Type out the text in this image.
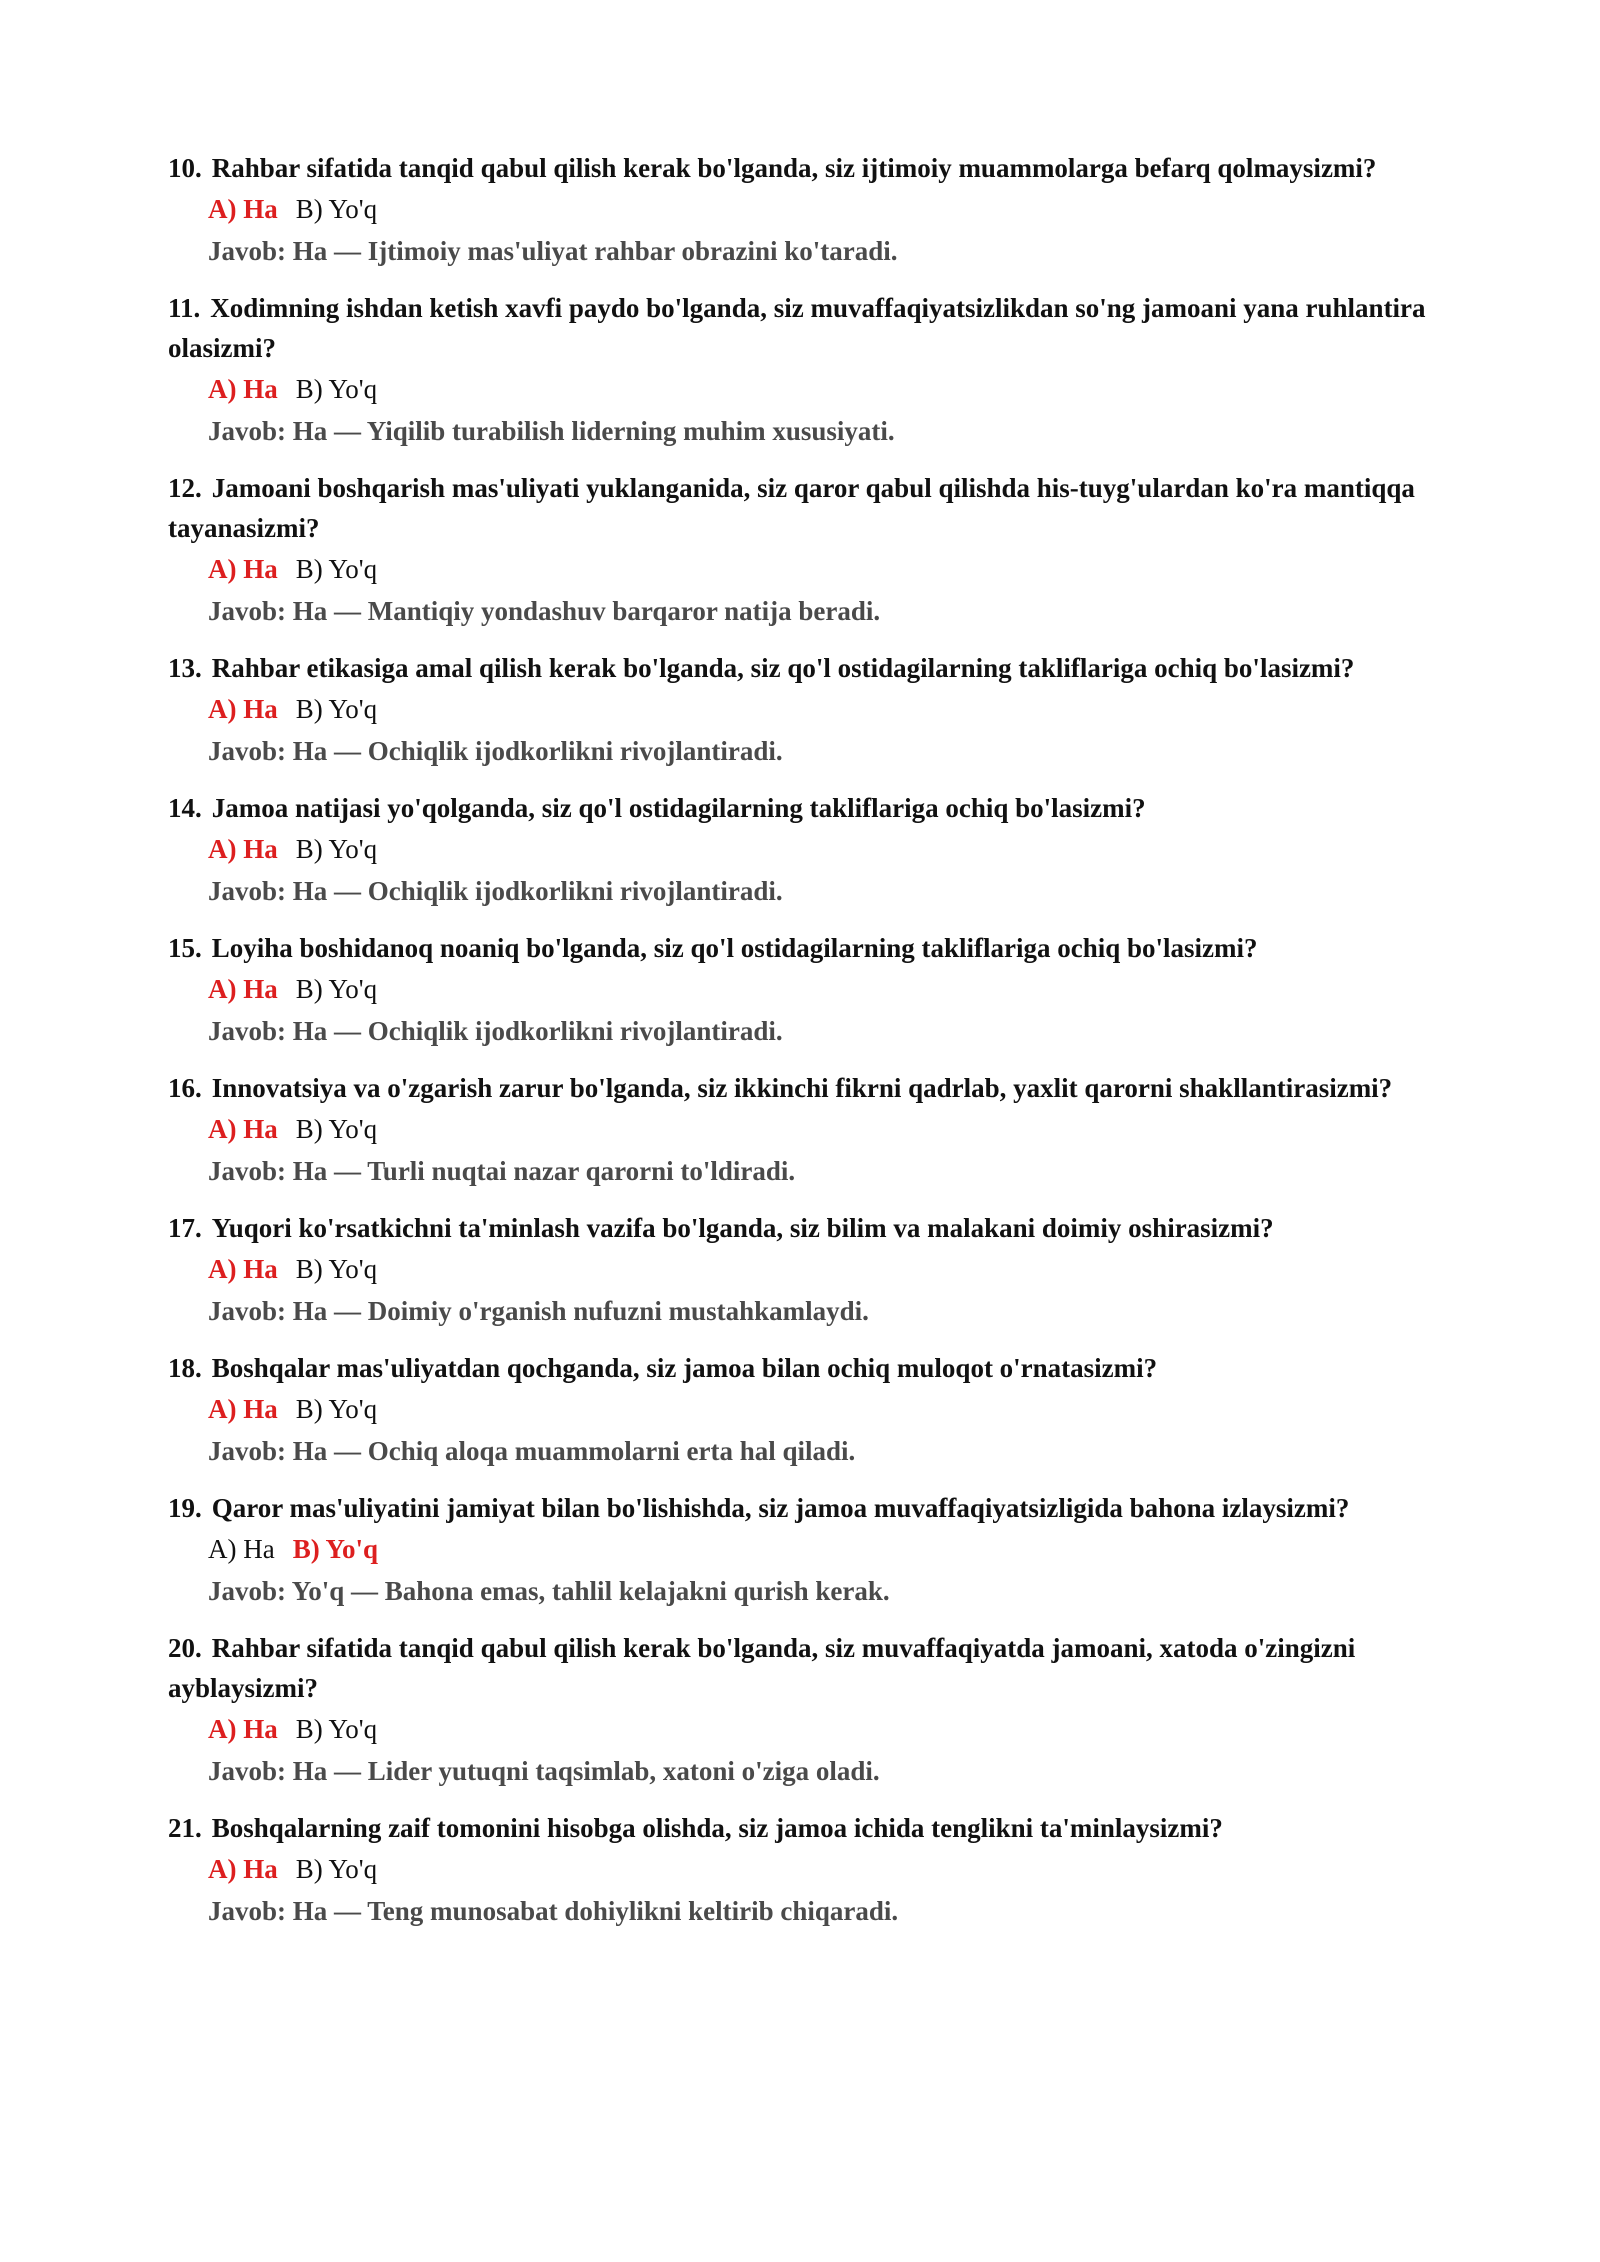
10. Rahbar sifatida tanqid qabul qilish kerak bo'lganda, siz ijtimoiy muammolarga befarq qolmaysizmi?

A) Ha B) Yo'q
Javob: Ha — Ijtimoiy mas'uliyat rahbar obrazini ko'taradi.

11. Xodimning ishdan ketish xavfi paydo bo'lganda, siz muvaffaqiyatsizlikdan so'ng jamoani yana ruhlantira olasizmi?

A) Ha B) Yo'q
Javob: Ha — Yiqilib turabilish liderning muhim xususiyati.

12. Jamoani boshqarish mas'uliyati yuklanganida, siz qaror qabul qilishda his-tuyg'ulardan ko'ra mantiqqa tayanasizmi?

A) Ha B) Yo'q
Javob: Ha — Mantiqiy yondashuv barqaror natija beradi.

13. Rahbar etikasiga amal qilish kerak bo'lganda, siz qo'l ostidagilarning takliflariga ochiq bo'lasizmi?

A) Ha B) Yo'q
Javob: Ha — Ochiqlik ijodkorlikni rivojlantiradi.

14. Jamoa natijasi yo'qolganda, siz qo'l ostidagilarning takliflariga ochiq bo'lasizmi?

A) Ha B) Yo'q
Javob: Ha — Ochiqlik ijodkorlikni rivojlantiradi.

15. Loyiha boshidanoq noaniq bo'lganda, siz qo'l ostidagilarning takliflariga ochiq bo'lasizmi?

A) Ha B) Yo'q
Javob: Ha — Ochiqlik ijodkorlikni rivojlantiradi.

16. Innovatsiya va o'zgarish zarur bo'lganda, siz ikkinchi fikrni qadrlab, yaxlit qarorni shakllantirasizmi?

A) Ha B) Yo'q
Javob: Ha — Turli nuqtai nazar qarorni to'ldiradi.

17. Yuqori ko'rsatkichni ta'minlash vazifa bo'lganda, siz bilim va malakani doimiy oshirasizmi?

A) Ha B) Yo'q
Javob: Ha — Doimiy o'rganish nufuzni mustahkamlaydi.

18. Boshqalar mas'uliyatdan qochganda, siz jamoa bilan ochiq muloqot o'rnatasizmi?

A) Ha B) Yo'q
Javob: Ha — Ochiq aloqa muammolarni erta hal qiladi.

19. Qaror mas'uliyatini jamiyat bilan bo'lishishda, siz jamoa muvaffaqiyatsizligida bahona izlaysizmi?

A) Ha B) Yo'q
Javob: Yo'q — Bahona emas, tahlil kelajakni qurish kerak.

20. Rahbar sifatida tanqid qabul qilish kerak bo'lganda, siz muvaffaqiyatda jamoani, xatoda o'zingizni ayblaysizmi?

A) Ha B) Yo'q
Javob: Ha — Lider yutuqni taqsimlab, xatoni o'ziga oladi.

21. Boshqalarning zaif tomonini hisobga olishda, siz jamoa ichida tenglikni ta'minlaysizmi?

A) Ha B) Yo'q
Javob: Ha — Teng munosabat dohiylikni keltirib chiqaradi.
